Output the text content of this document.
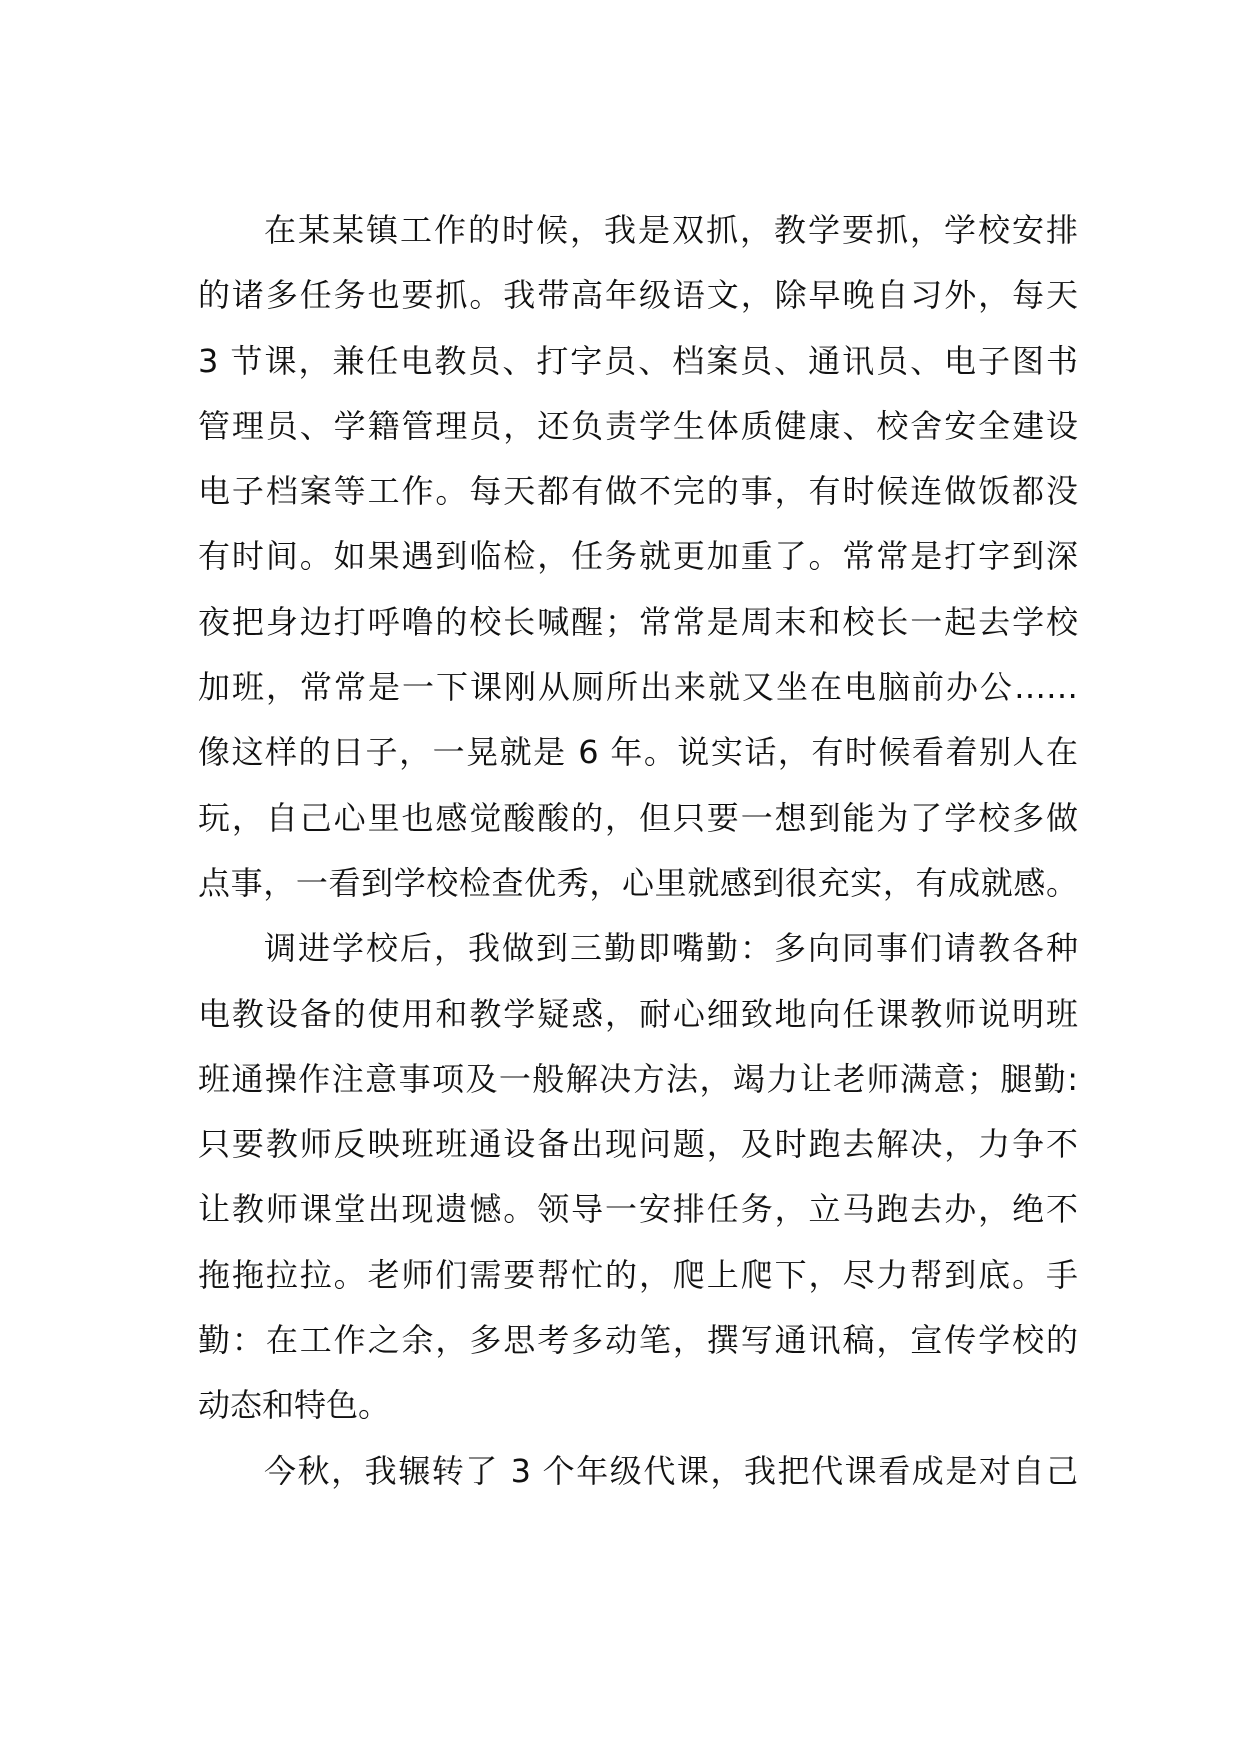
在某某镇工作的时候，我是双抓，教学要抓，学校安排
的诸多任务也要抓。我带高年级语文，除早晚自习外，每天
3 节课，兼任电教员、打字员、档案员、通讯员、电子图书
管理员、学籍管理员，还负责学生体质健康、校舍安全建设
电子档案等工作。每天都有做不完的事，有时候连做饭都没
有时间。如果遇到临检，任务就更加重了。常常是打字到深
夜把身边打呼噜的校长喊醒；常常是周末和校长一起去学校
加班，常常是一下课刚从厕所出来就又坐在电脑前办公……
像这样的日子，一晃就是 6 年。说实话，有时候看着别人在
玩，自己心里也感觉酸酸的，但只要一想到能为了学校多做
点事，一看到学校检查优秀，心里就感到很充实，有成就感。
调进学校后，我做到三勤即嘴勤：多向同事们请教各种
电教设备的使用和教学疑惑，耐心细致地向任课教师说明班
班通操作注意事项及一般解决方法，竭力让老师满意；腿勤:
只要教师反映班班通设备出现问题，及时跑去解决，力争不
让教师课堂出现遗憾。领导一安排任务，立马跑去办，绝不
拖拖拉拉。老师们需要帮忙的，爬上爬下，尽力帮到底。手
勤：在工作之余，多思考多动笔，撰写通讯稿，宣传学校的
动态和特色。
今秋，我辗转了 3 个年级代课，我把代课看成是对自己
